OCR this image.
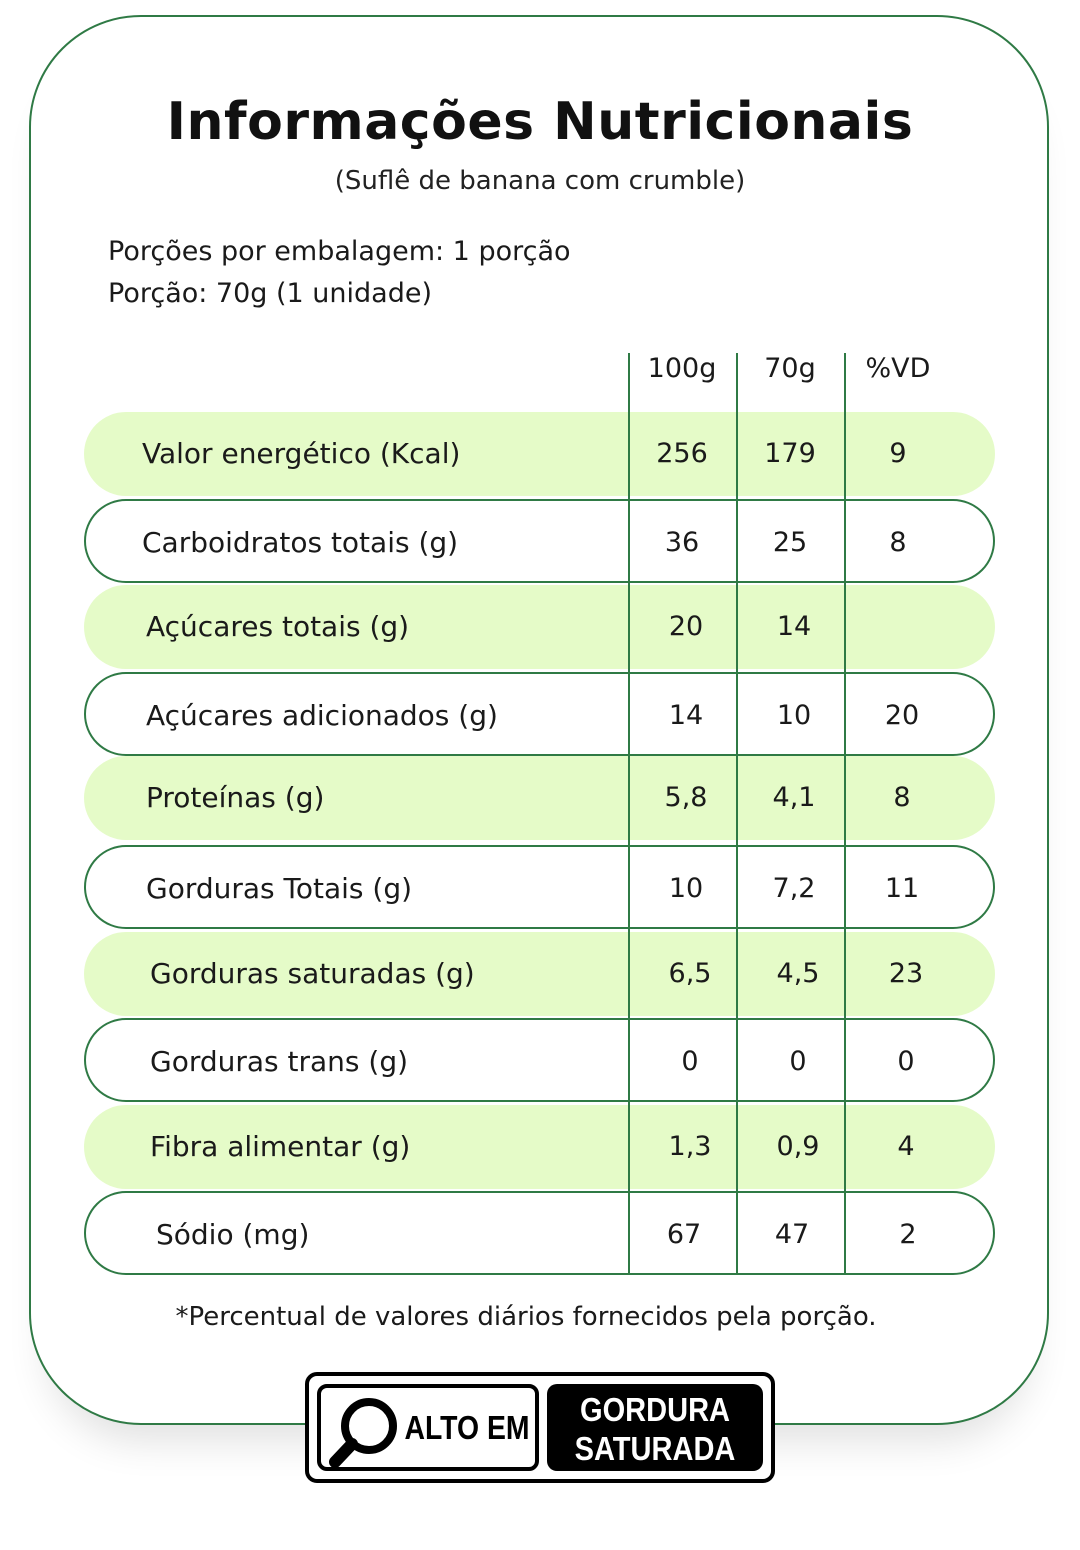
Informações Nutricionais
(Suflê de banana com crumble)
Porções por embalagem: 1 porção
Porção: 70g (1 unidade)
100g	70g	%VD
Valor energético (Kcal)	256	179	9
Carboidratos totais (g)	36	25	8
Açúcares totais (g)	20	14
Açúcares adicionados (g)	14	10	20
Proteínas (g)	5,8	4,1	8
Gorduras Totais (g)	10	7,2	11
Gorduras saturadas (g)	6,5	4,5	23
Gorduras trans (g)	0	0	0
Fibra alimentar (g)	1,3	0,9	4
Sódio (mg)	67	47	2
*Percentual de valores diários fornecidos pela porção.
ALTO EM	GORDURA
SATURADA
